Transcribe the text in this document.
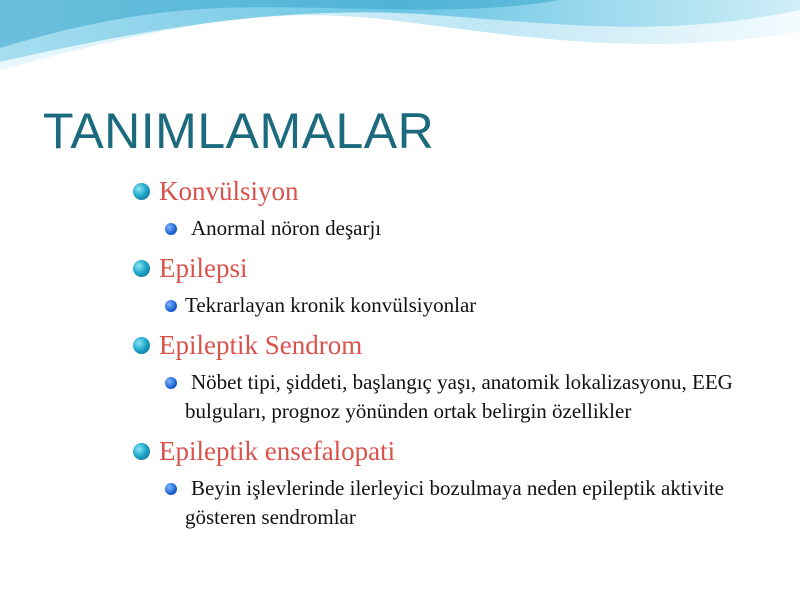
TANIMLAMALAR
Konvülsiyon
Anormal nöron deşarjı
Epilepsi
Tekrarlayan kronik konvülsiyonlar
Epileptik Sendrom
Nöbet tipi, şiddeti, başlangıç yaşı, anatomik lokalizasyonu, EEG bulguları, prognoz yönünden ortak belirgin özellikler
Epileptik ensefalopati
Beyin işlevlerinde ilerleyici bozulmaya neden epileptik aktivite gösteren sendromlar
